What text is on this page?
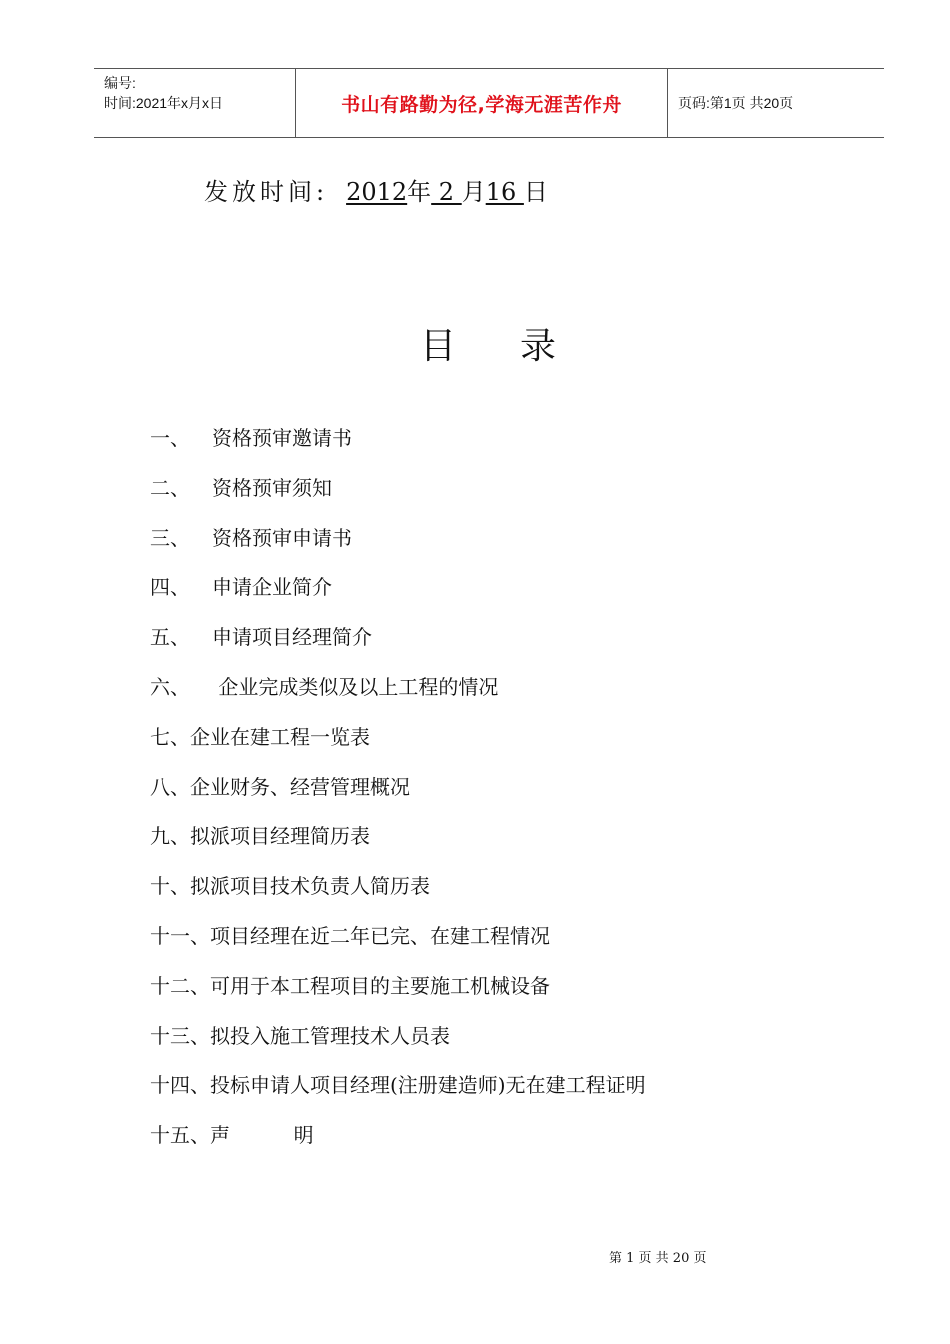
编号:
时间:2021年x月x日	书山有路勤为径,学海无涯苦作舟	页码:第1页 共20页
发放时间: 2012年 2 月16 日
目 录
一、 资格预审邀请书
二、 资格预审须知
三、 资格预审申请书
四、 申请企业简介
五、 申请项目经理简介
六、 企业完成类似及以上工程的情况
七、企业在建工程一览表
八、企业财务、经营管理概况
九、拟派项目经理简历表
十、拟派项目技术负责人简历表
十一、项目经理在近二年已完、在建工程情况
十二、可用于本工程项目的主要施工机械设备
十三、拟投入施工管理技术人员表
十四、投标申请人项目经理(注册建造师)无在建工程证明
十五、声          明
第 1 页 共 20 页
